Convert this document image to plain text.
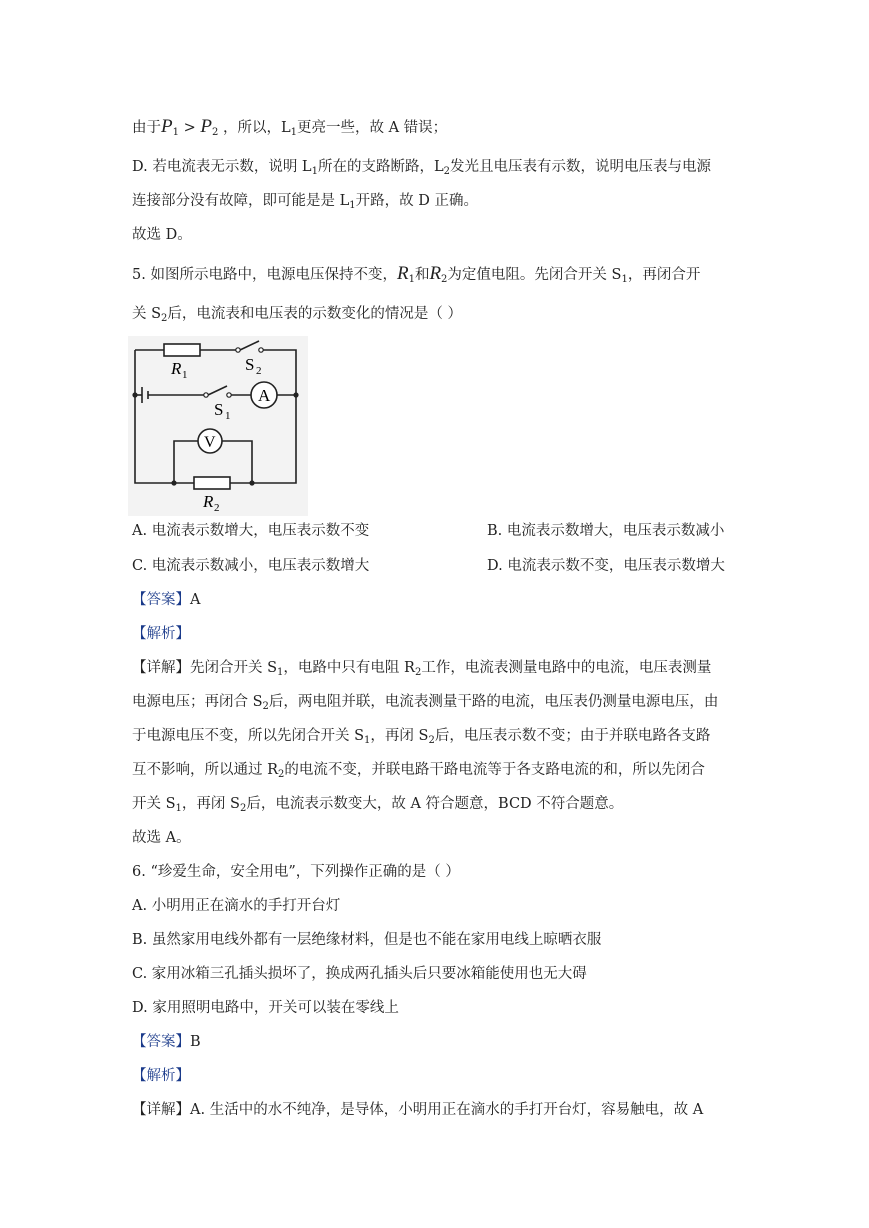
由于$P_1 > P_2$ ，所以，$L_1$更亮一些，故 A 错误；
D. 若电流表无示数，说明 $L_1$所在的支路断路，$L_2$发光且电压表有示数，说明电压表与电源
连接部分没有故障，即可能是是 $L_1$开路，故 D 正确。
故选 D。
5. 如图所示电路中，电源电压保持不变，$R_1$和$R_2$为定值电阻。先闭合开关 $S_1$，再闭合开
关 $S_2$后，电流表和电压表的示数变化的情况是（ ）
R 1
S 2
S 1
A
V
R 2
A. 电流表示数增大，电压表示数不变	B. 电流表示数增大，电压表示数减小
C. 电流表示数减小，电压表示数增大	D. 电流表示数不变，电压表示数增大
【答案】A
【解析】
【详解】先闭合开关 $S_1$，电路中只有电阻 $R_2$工作，电流表测量电路中的电流，电压表测量
电源电压；再闭合 $S_2$后，两电阻并联，电流表测量干路的电流，电压表仍测量电源电压，由
于电源电压不变，所以先闭合开关 $S_1$，再闭 $S_2$后，电压表示数不变；由于并联电路各支路
互不影响，所以通过 $R_2$的电流不变，并联电路干路电流等于各支路电流的和，所以先闭合
开关 $S_1$，再闭 $S_2$后，电流表示数变大，故 A 符合题意，BCD 不符合题意。
故选 A。
6. “珍爱生命，安全用电”，下列操作正确的是（ ）
A. 小明用正在滴水的手打开台灯
B. 虽然家用电线外都有一层绝缘材料，但是也不能在家用电线上晾晒衣服
C. 家用冰箱三孔插头损坏了，换成两孔插头后只要冰箱能使用也无大碍
D. 家用照明电路中，开关可以装在零线上
【答案】B
【解析】
【详解】A. 生活中的水不纯净，是导体，小明用正在滴水的手打开台灯，容易触电，故 A
